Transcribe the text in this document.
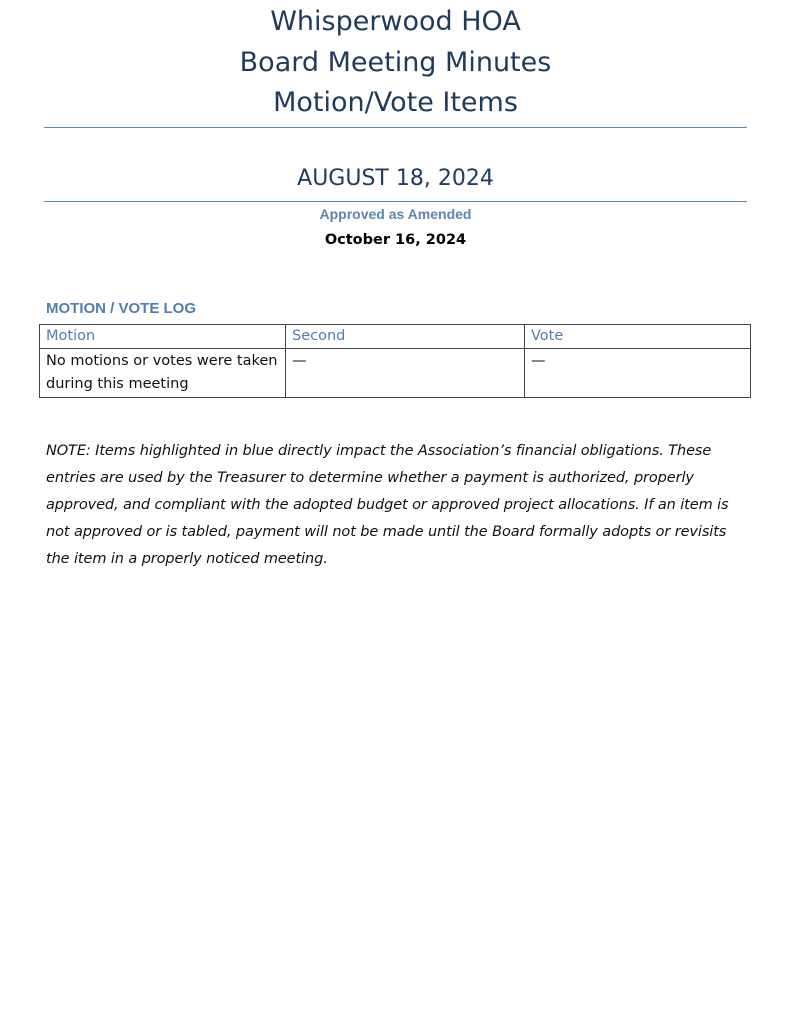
Whisperwood HOA
Board Meeting Minutes
Motion/Vote Items
AUGUST 18, 2024
Approved as Amended
October 16, 2024
MOTION / VOTE LOG
Motion	Second	Vote
No motions or votes were taken during this meeting	—	—

NOTE: Items highlighted in blue directly impact the Association’s financial obligations. These entries are used by the Treasurer to determine whether a payment is authorized, properly approved, and compliant with the adopted budget or approved project allocations. If an item is not approved or is tabled, payment will not be made until the Board formally adopts or revisits the item in a properly noticed meeting.
